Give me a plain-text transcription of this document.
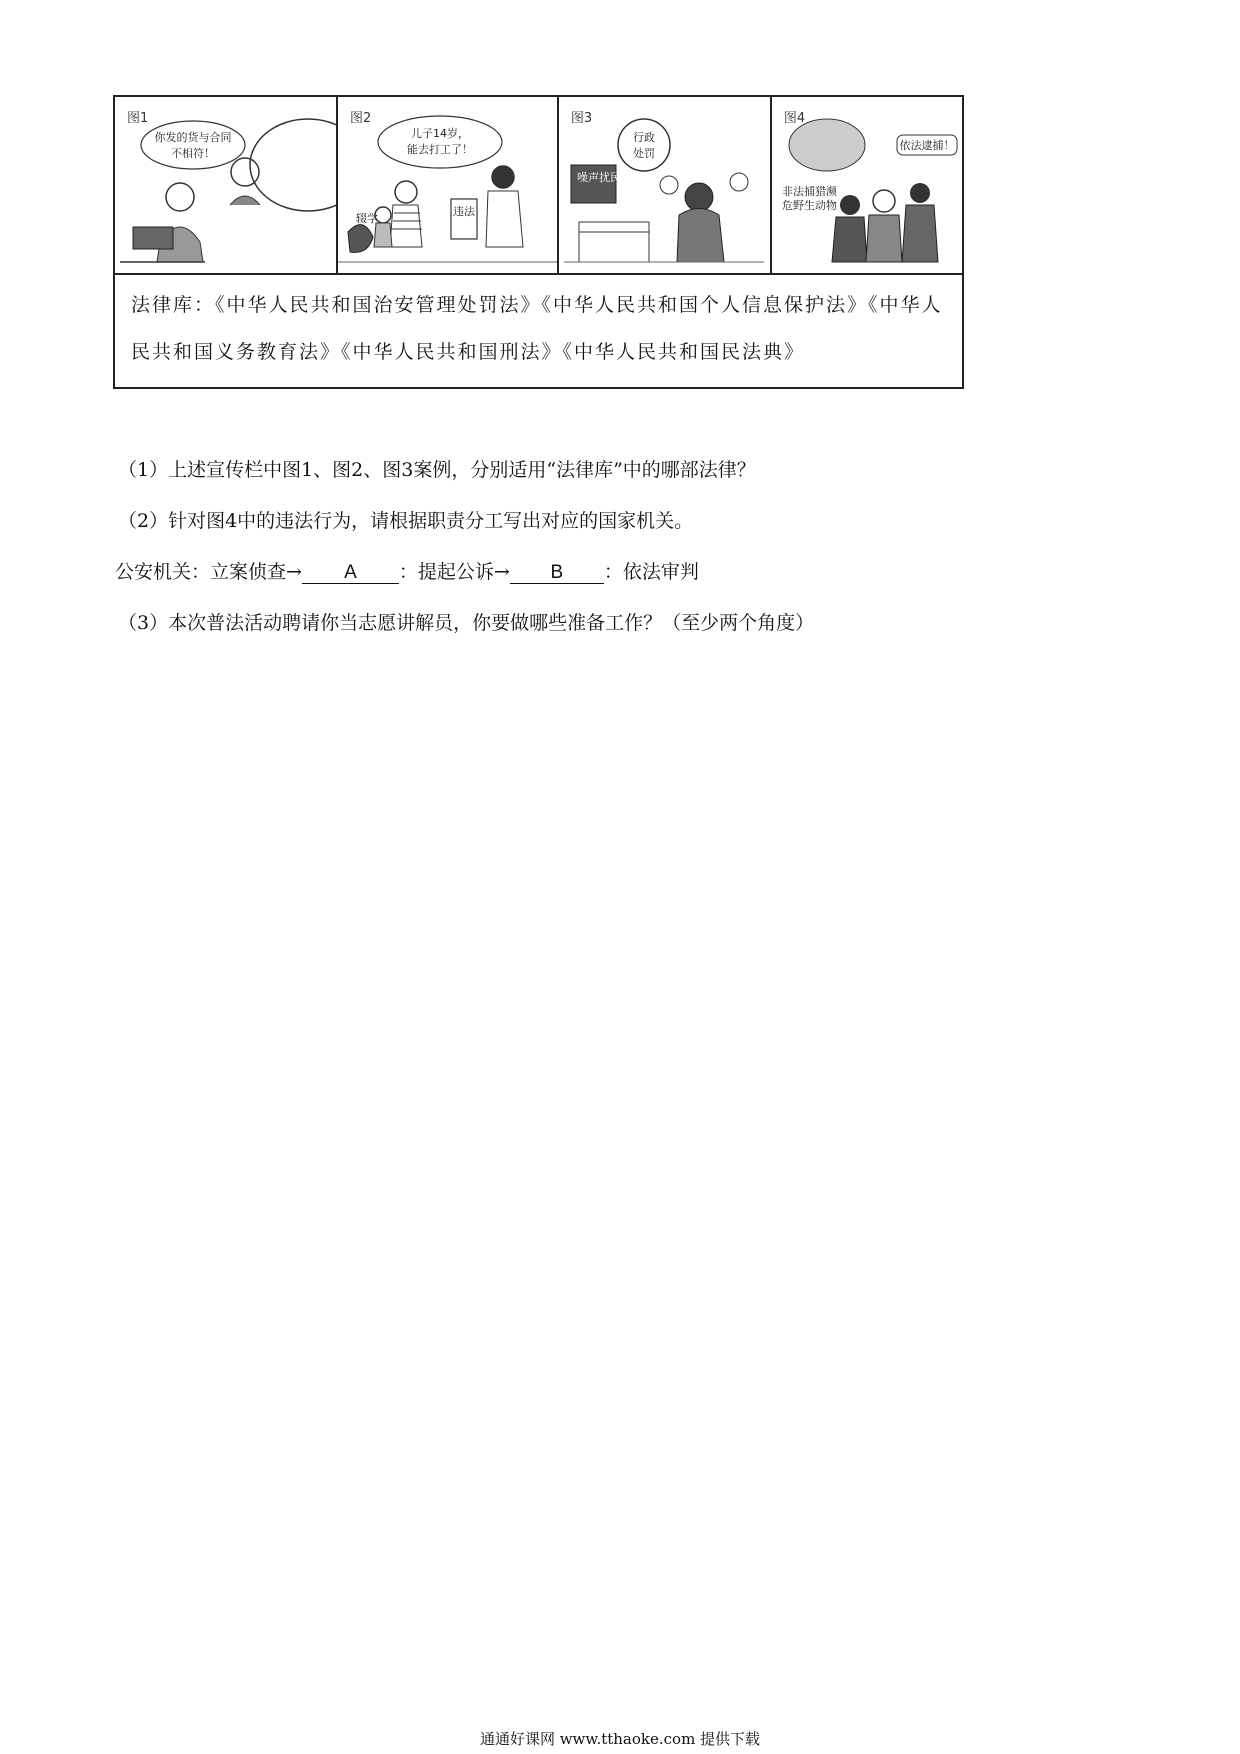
你发的货与合同
不相符！
图1
儿子14岁，
能去打工了！
辍学
违法
图2
行政
处罚
噪声扰民
图3
依法逮捕！
非法捕猎濒
危野生动物
图4
法律库：《中华人民共和国治安管理处罚法》《中华人民共和国个人信息保护法》《中华人民共和国义务教育法》《中华人民共和国刑法》《中华人民共和国民法典》
（1）上述宣传栏中图1、图2、图3案例，分别适用“法律库”中的哪部法律？
（2）针对图4中的违法行为，请根据职责分工写出对应的国家机关。
公安机关：立案侦查→ A ：提起公诉→ B ：依法审判
（3）本次普法活动聘请你当志愿讲解员，你要做哪些准备工作？（至少两个角度）
通通好课网 www.tthaoke.com 提供下载
